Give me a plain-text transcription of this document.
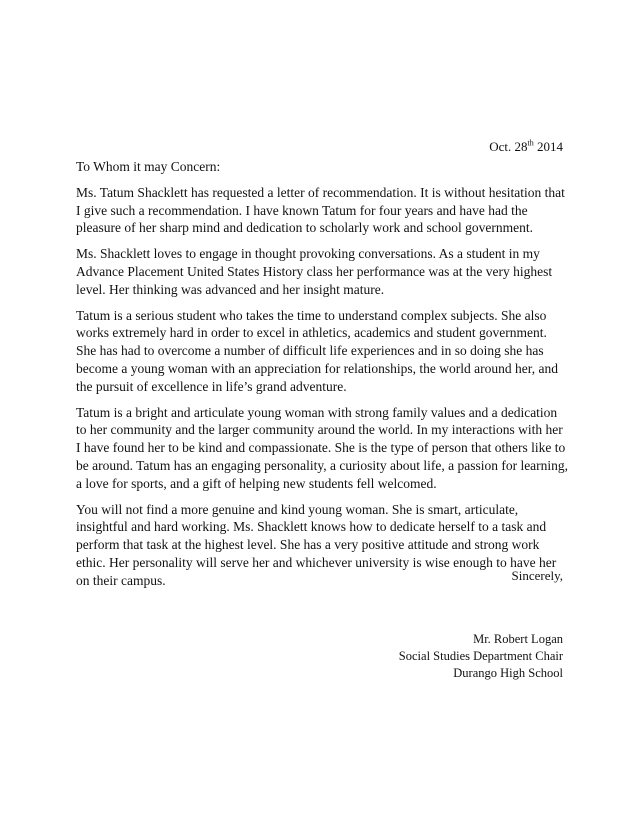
Oct. 28th 2014

To Whom it may Concern:

Ms. Tatum Shacklett has requested a letter of recommendation. It is without hesitation that I give such a recommendation. I have known Tatum for four years and have had the pleasure of her sharp mind and dedication to scholarly work and school government.

Ms. Shacklett loves to engage in thought provoking conversations. As a student in my Advance Placement United States History class her performance was at the very highest level. Her thinking was advanced and her insight mature.

Tatum is a serious student who takes the time to understand complex subjects. She also works extremely hard in order to excel in athletics, academics and student government. She has had to overcome a number of difficult life experiences and in so doing she has become a young woman with an appreciation for relationships, the world around her, and the pursuit of excellence in life’s grand adventure.

Tatum is a bright and articulate young woman with strong family values and a dedication to her community and the larger community around the world. In my interactions with her I have found her to be kind and compassionate. She is the type of person that others like to be around. Tatum has an engaging personality, a curiosity about life, a passion for learning, a love for sports, and a gift of helping new students fell welcomed.

You will not find a more genuine and kind young woman. She is smart, articulate, insightful and hard working. Ms. Shacklett knows how to dedicate herself to a task and perform that task at the highest level. She has a very positive attitude and strong work ethic. Her personality will serve her and whichever university is wise enough to have her on their campus.	Sincerely,
Mr. Robert Logan
Social Studies Department Chair
Durango High School
